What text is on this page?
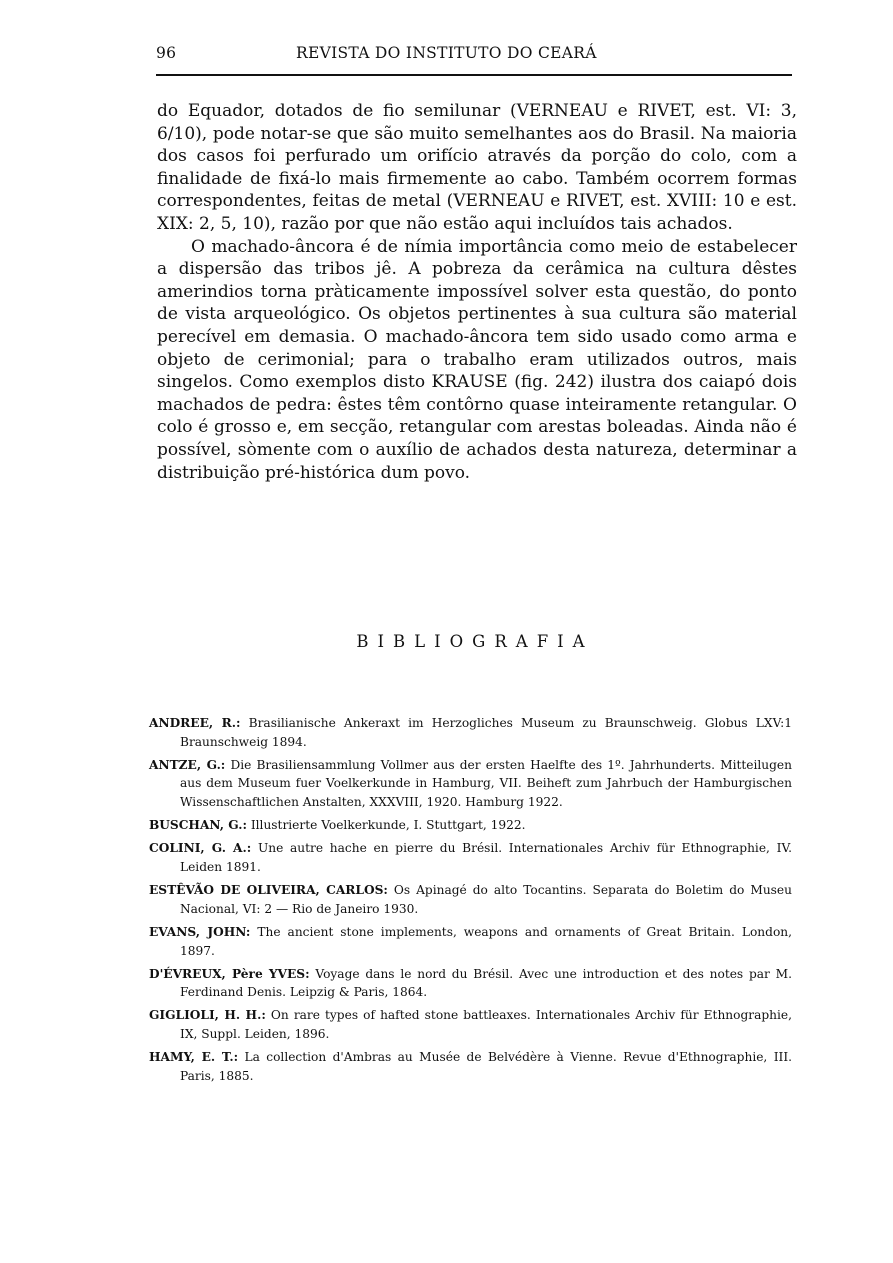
96	REVISTA DO INSTITUTO DO CEARÁ

do Equador, dotados de fio semilunar (VERNEAU e RIVET, est. VI: 3, 6/10), pode notar-se que são muito semelhantes aos do Brasil. Na maioria dos casos foi perfurado um orifício através da porção do colo, com a finalidade de fixá-lo mais firmemente ao cabo. Também ocorrem formas correspondentes, feitas de metal (VERNEAU e RIVET, est. XVIII: 10 e est. XIX: 2, 5, 10), razão por que não estão aqui incluídos tais achados.

O machado-âncora é de nímia importância como meio de estabelecer a dispersão das tribos jê. A pobreza da cerâmica na cultura dêstes amerindios torna pràticamente impossível solver esta questão, do ponto de vista arqueológico. Os objetos pertinentes à sua cultura são material perecível em demasia. O machado-âncora tem sido usado como arma e objeto de cerimonial; para o trabalho eram utilizados outros, mais singelos. Como exemplos disto KRAUSE (fig. 242) ilustra dos caiapó dois machados de pedra: êstes têm contôrno quase inteiramente retangular. O colo é grosso e, em secção, retangular com arestas boleadas. Ainda não é possível, sòmente com o auxílio de achados desta natureza, determinar a distribuição pré-histórica dum povo.

BIBLIOGRAFIA

ANDREE, R.: Brasilianische Ankeraxt im Herzogliches Museum zu Braunschweig. Globus LXV:1 Braunschweig 1894.

ANTZE, G.: Die Brasiliensammlung Vollmer aus der ersten Haelfte des 1º. Jahrhunderts. Mitteilugen aus dem Museum fuer Voelkerkunde in Hamburg, VII. Beiheft zum Jahrbuch der Hamburgischen Wissenschaftlichen Anstalten, XXXVIII, 1920. Hamburg 1922.

BUSCHAN, G.: Illustrierte Voelkerkunde, I. Stuttgart, 1922.

COLINI, G. A.: Une autre hache en pierre du Brésil. Internationales Archiv für Ethnographie, IV. Leiden 1891.

ESTÊVÃO DE OLIVEIRA, CARLOS: Os Apinagé do alto Tocantins. Separata do Boletim do Museu Nacional, VI: 2 — Rio de Janeiro 1930.

EVANS, JOHN: The ancient stone implements, weapons and ornaments of Great Britain. London, 1897.

D'ÉVREUX, Père YVES: Voyage dans le nord du Brésil. Avec une introduction et des notes par M. Ferdinand Denis. Leipzig & Paris, 1864.

GIGLIOLI, H. H.: On rare types of hafted stone battleaxes. Internationales Archiv für Ethnographie, IX, Suppl. Leiden, 1896.

HAMY, E. T.: La collection d'Ambras au Musée de Belvédère à Vienne. Revue d'Ethnographie, III. Paris, 1885.
